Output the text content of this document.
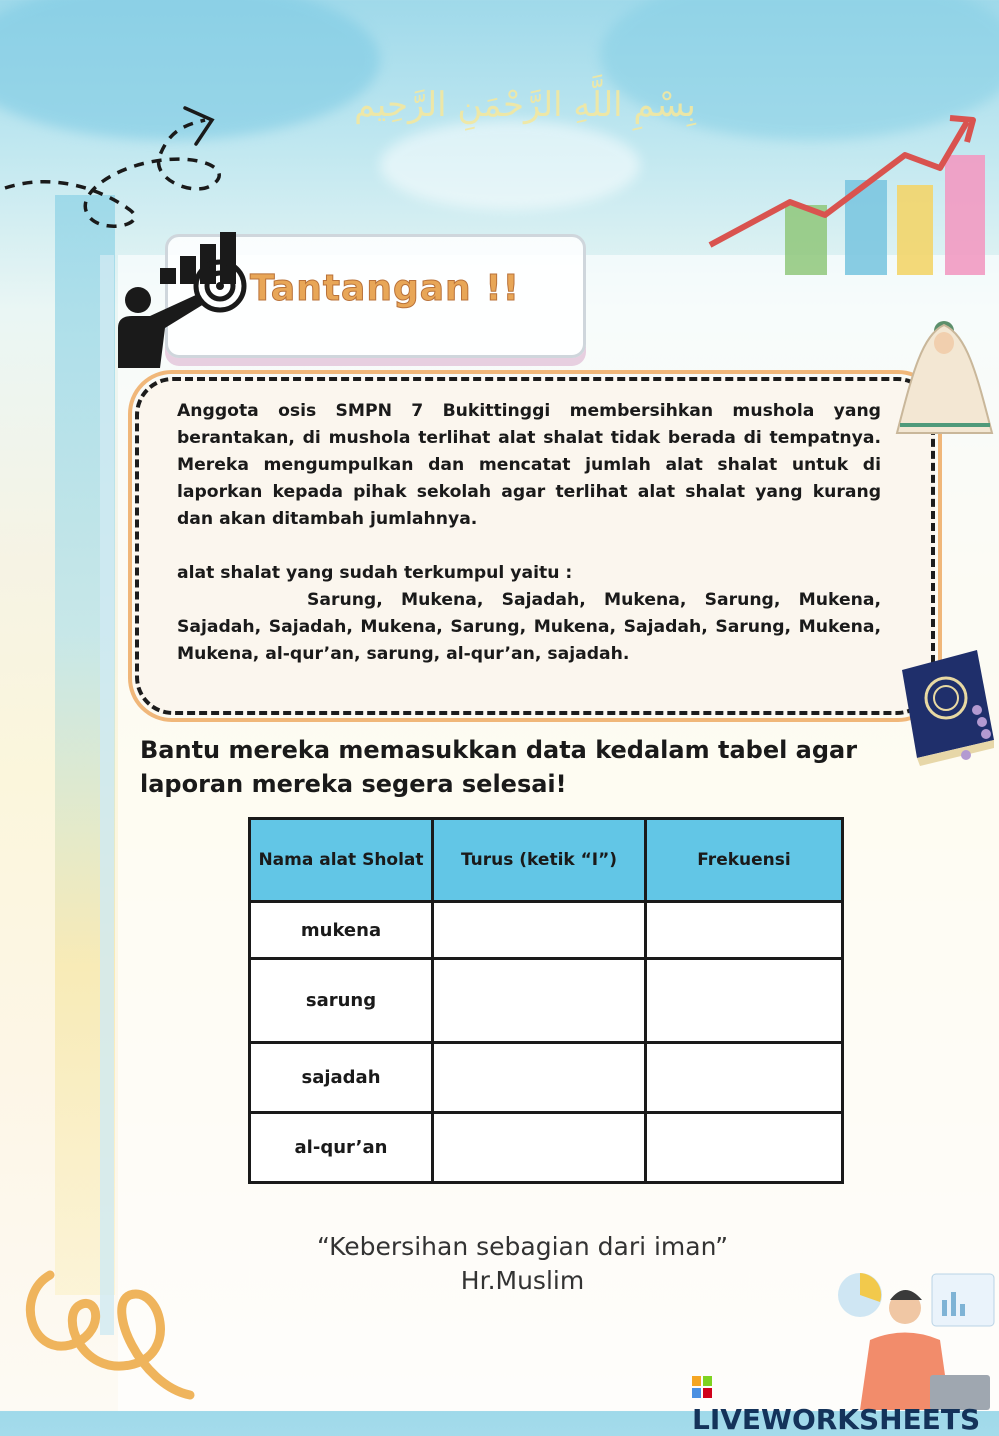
بِسْمِ اللَّهِ الرَّحْمَنِ الرَّحِيم
Tantangan !!

Anggota osis SMPN 7 Bukittinggi membersihkan mushola yang berantakan, di mushola terlihat alat shalat tidak berada di tempatnya. Mereka mengumpulkan dan mencatat jumlah alat shalat untuk di laporkan kepada pihak sekolah agar terlihat alat shalat yang kurang dan akan ditambah jumlahnya.

alat shalat yang sudah terkumpul yaitu :

Sarung, Mukena, Sajadah, Mukena, Sarung, Mukena, Sajadah, Sajadah, Mukena, Sarung, Mukena, Sajadah, Sarung, Mukena, Mukena, al-qur’an, sarung, al-qur’an, sajadah.

Bantu mereka memasukkan data kedalam tabel agar laporan mereka segera selesai!
Nama alat Sholat	Turus (ketik “I”)	Frekuensi
mukena		
sarung		
sajadah		
al-qur’an		
“Kebersihan sebagian dari iman”
Hr.Muslim
LIVEWORKSHEETS
